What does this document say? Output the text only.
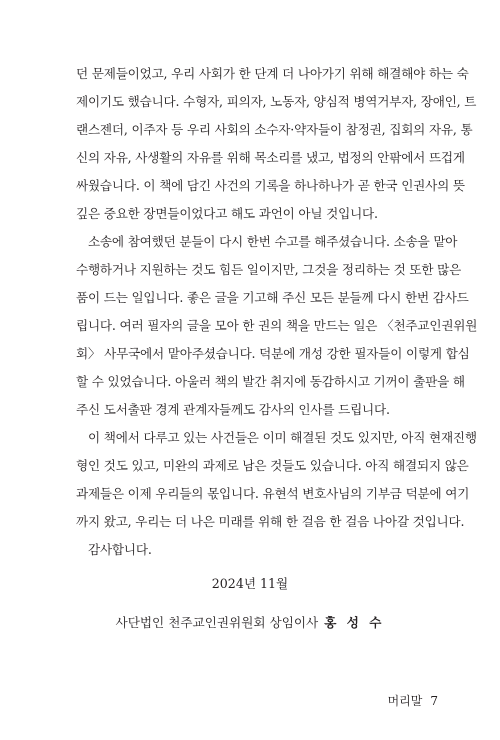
던 문제들이었고, 우리 사회가 한 단계 더 나아가기 위해 해결해야 하는 숙
제이기도 했습니다. 수형자, 피의자, 노동자, 양심적 병역거부자, 장애인, 트
랜스젠더, 이주자 등 우리 사회의 소수자·약자들이 참정권, 집회의 자유, 통
신의 자유, 사생활의 자유를 위해 목소리를 냈고, 법정의 안팎에서 뜨겁게
싸웠습니다. 이 책에 담긴 사건의 기록을 하나하나가 곧 한국 인권사의 뜻
깊은 중요한 장면들이었다고 해도 과언이 아닐 것입니다.
소송에 참여했던 분들이 다시 한번 수고를 해주셨습니다. 소송을 맡아
수행하거나 지원하는 것도 힘든 일이지만, 그것을 정리하는 것 또한 많은
품이 드는 일입니다. 좋은 글을 기고해 주신 모든 분들께 다시 한번 감사드
립니다. 여러 필자의 글을 모아 한 권의 책을 만드는 일은 〈천주교인권위원
회〉 사무국에서 맡아주셨습니다. 덕분에 개성 강한 필자들이 이렇게 합심
할 수 있었습니다. 아울러 책의 발간 취지에 동감하시고 기꺼이 출판을 해
주신 도서출판 경계 관계자들께도 감사의 인사를 드립니다.
이 책에서 다루고 있는 사건들은 이미 해결된 것도 있지만, 아직 현재진행
형인 것도 있고, 미완의 과제로 남은 것들도 있습니다. 아직 해결되지 않은
과제들은 이제 우리들의 몫입니다. 유현석 변호사님의 기부금 덕분에 여기
까지 왔고, 우리는 더 나은 미래를 위해 한 걸음 한 걸음 나아갈 것입니다.
감사합니다.
2024년 11월
사단법인 천주교인권위원회 상임이사 홍 성 수
머리말 7
